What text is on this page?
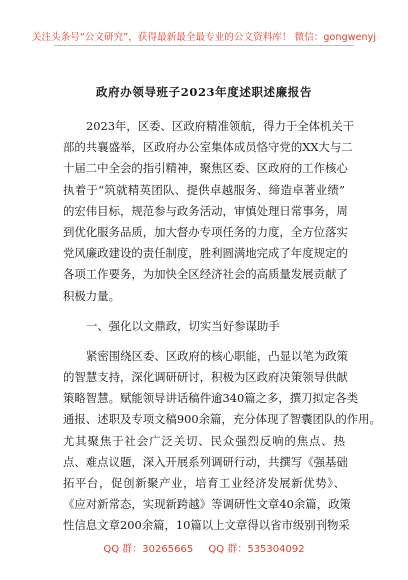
关注头条号“公文研究”，获得最新最全最专业的公文资料库！ 微信：gongwenyj
政府办领导班子2023年度述职述廉报告
2023年，区委、区政府精准领航，得力于全体机关干
部的共襄盛举，区政府办公室集体成员恪守党的XX大与二
十届二中全会的指引精神，聚焦区委、区政府的工作核心
执着于“筑就精英团队、提供卓越服务、缔造卓著业绩”
的宏伟目标，规范参与政务活动，审慎处理日常事务，周
到优化服务品质，加大督办专项任务的力度，全方位落实
党风廉政建设的责任制度，胜利圆满地完成了年度规定的
各项工作要务，为加快全区经济社会的高质量发展贡献了
积极力量。
一、强化以文鼎政，切实当好参谋助手
紧密围绕区委、区政府的核心职能，凸显以笔为政策
的智慧支持，深化调研研讨，积极为区政府决策领导供献
策略智慧。赋能领导讲话稿件逾340篇之多，撰刀拟定各类
通报、述职及专项文稿900余篇，充分体现了智囊团队的作用。
尤其聚焦于社会广泛关切、民众强烈反响的焦点、热
点、难点议题，深入开展系列调研行动，共撰写《强基础
拓平台，促创新聚产业，培育工业经济发展新优势》、
《应对新常态，实现新跨越》等调研性文章40余篇，政策
性信息文章200余篇，10篇以上文章得以省市级别刊物采
QQ 群：30265665 QQ 群：535304092
